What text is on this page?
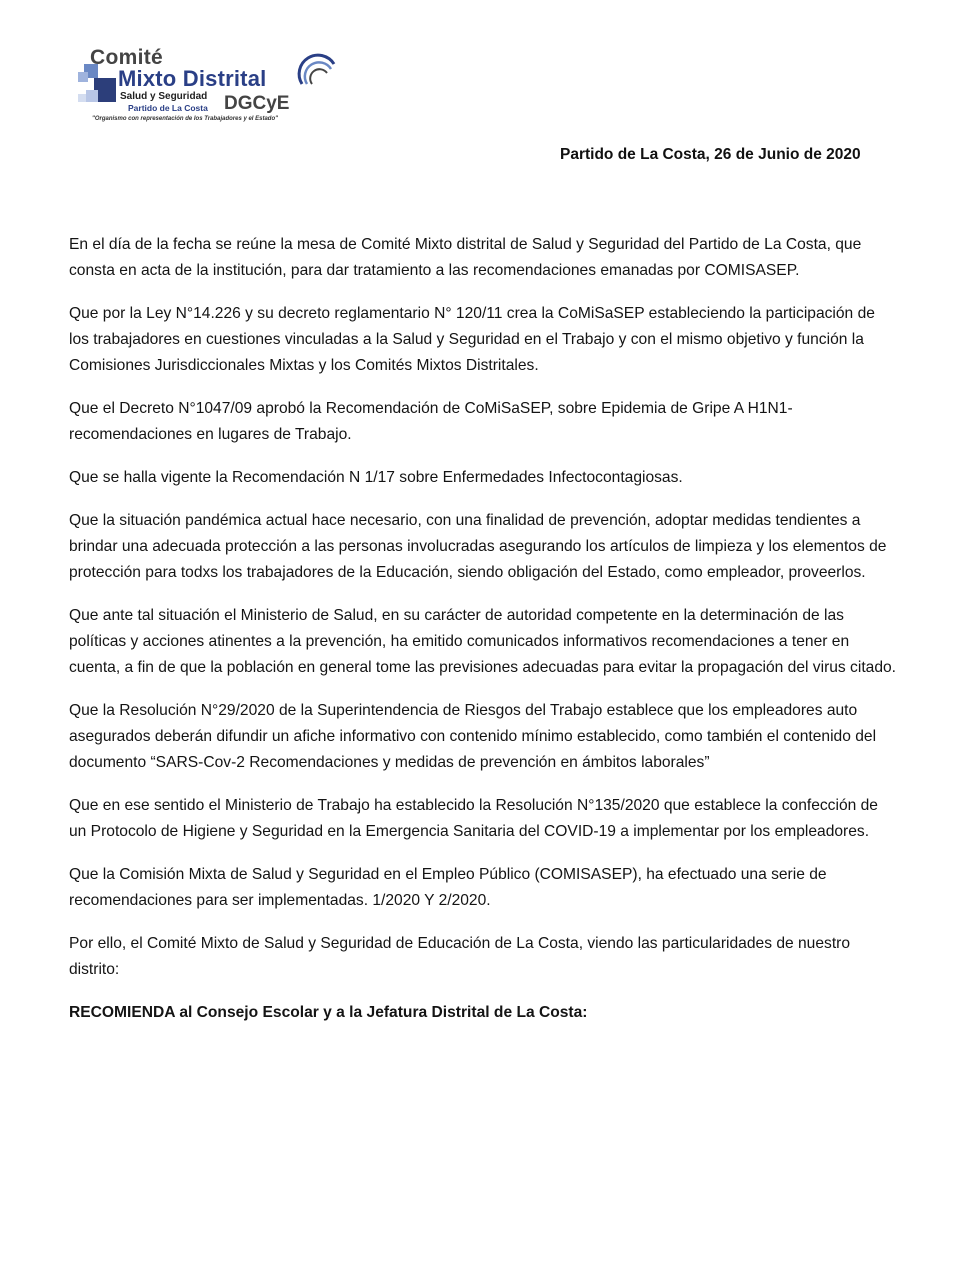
Comité
Mixto Distrital
Salud y Seguridad
Partido de La Costa DGCyE
"Organismo con representación de los Trabajadores y el Estado"
Partido de La Costa, 26 de Junio de 2020

En el día de la fecha se reúne la mesa de Comité Mixto distrital de Salud y Seguridad del Partido de La Costa, que consta en acta de la institución, para dar tratamiento a las recomendaciones emanadas por COMISASEP.

Que por la Ley N°14.226 y su decreto reglamentario N° 120/11 crea la CoMiSaSEP estableciendo la participación de los trabajadores en cuestiones vinculadas a la Salud y Seguridad en el Trabajo y con el mismo objetivo y función la Comisiones Jurisdiccionales Mixtas y los Comités Mixtos Distritales.

Que el Decreto N°1047/09 aprobó la Recomendación de CoMiSaSEP, sobre Epidemia de Gripe A H1N1- recomendaciones en lugares de Trabajo.

Que se halla vigente la Recomendación N 1/17 sobre Enfermedades Infectocontagiosas.

Que la situación pandémica actual hace necesario, con una finalidad de prevención, adoptar medidas tendientes a brindar una adecuada protección a las personas involucradas asegurando los artículos de limpieza y los elementos de protección para todxs los trabajadores de la Educación, siendo obligación del Estado, como empleador, proveerlos.

Que ante tal situación el Ministerio de Salud, en su carácter de autoridad competente en la determinación de las políticas y acciones atinentes a la prevención, ha emitido comunicados informativos recomendaciones a tener en cuenta, a fin de que la población en general tome las previsiones adecuadas para evitar la propagación del virus citado.

Que la Resolución N°29/2020 de la Superintendencia de Riesgos del Trabajo establece que los empleadores auto asegurados deberán difundir un afiche informativo con contenido mínimo establecido, como también el contenido del documento “SARS-Cov-2 Recomendaciones y medidas de prevención en ámbitos laborales”

Que en ese sentido el Ministerio de Trabajo ha establecido la Resolución N°135/2020 que establece la confección de un Protocolo de Higiene y Seguridad en la Emergencia Sanitaria del COVID-19 a implementar por los empleadores.

Que la Comisión Mixta de Salud y Seguridad en el Empleo Público (COMISASEP), ha efectuado una serie de recomendaciones para ser implementadas. 1/2020 Y 2/2020.

Por ello, el Comité Mixto de Salud y Seguridad de Educación de La Costa, viendo las particularidades de nuestro distrito:

RECOMIENDA al Consejo Escolar y a la Jefatura Distrital de La Costa:
